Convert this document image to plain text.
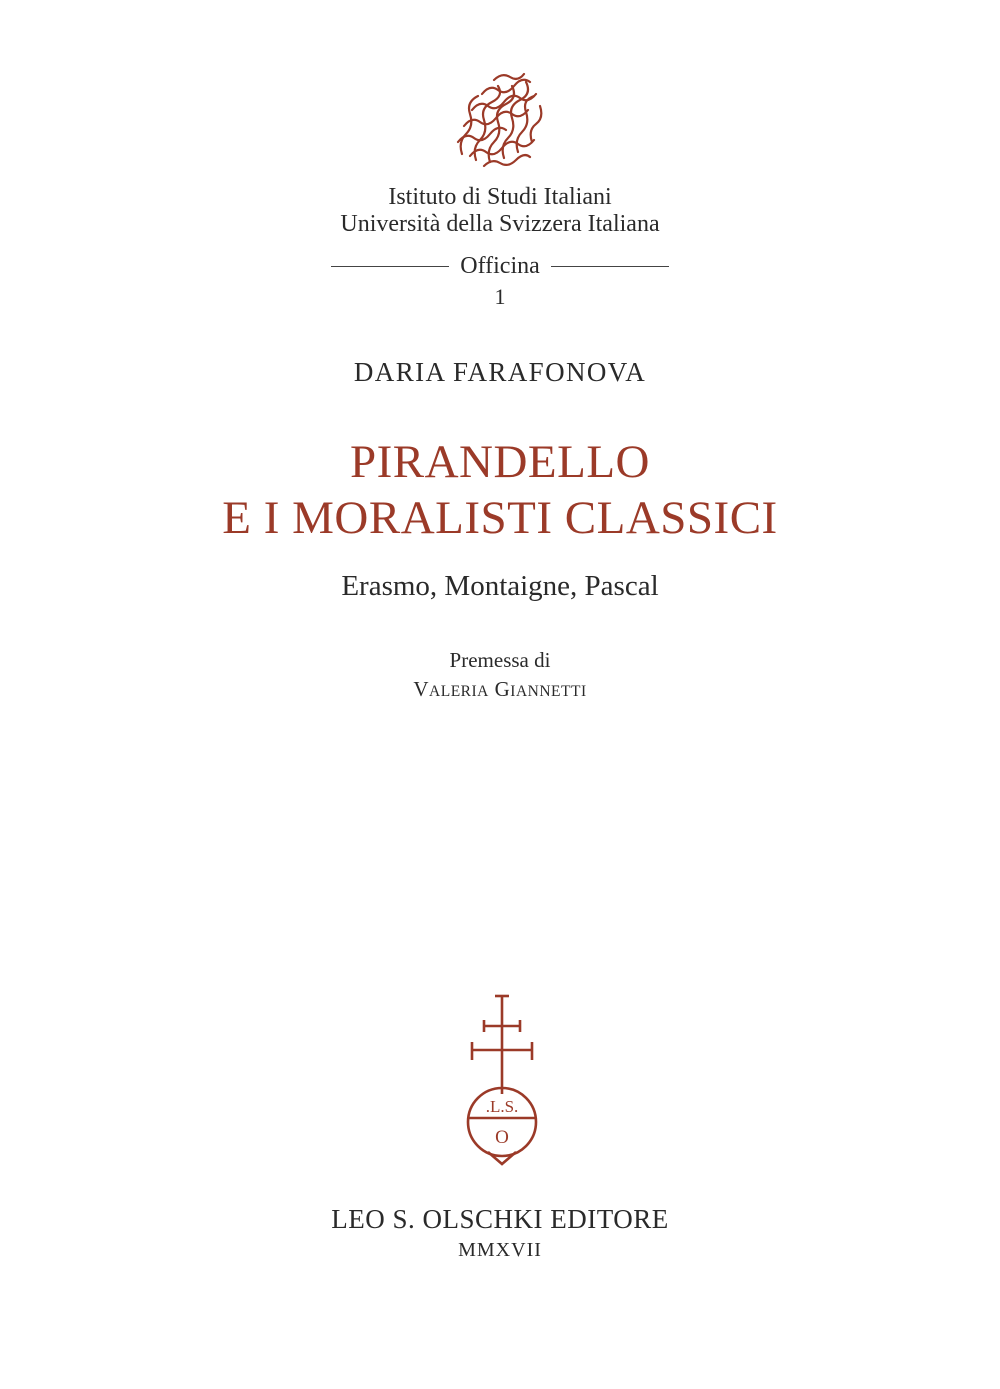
Istituto di Studi Italiani
Università della Svizzera Italiana
Officina
1
DARIA FARAFONOVA
PIRANDELLO
E I MORALISTI CLASSICI
Erasmo, Montaigne, Pascal
Premessa di
VALERIA GIANNETTI
.L.S.
O
LEO S. OLSCHKI EDITORE
MMXVII
